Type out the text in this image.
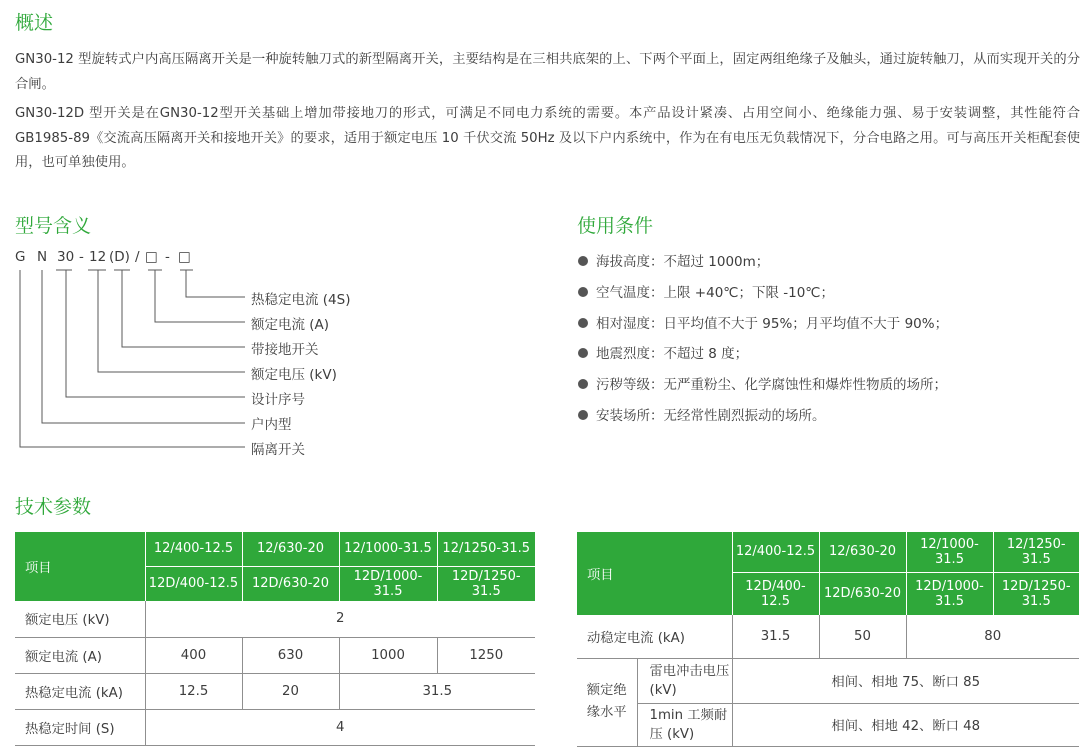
概述

GN30-12 型旋转式户内高压隔离开关是一种旋转触刀式的新型隔离开关，主要结构是在三相共底架的上、下两个平面上，固定两组绝缘子及触头，通过旋转触刀，从而实现开关的分合闸。

GN30-12D 型开关是在GN30-12型开关基础上增加带接地刀的形式，可满足不同电力系统的需要。本产品设计紧凑、占用空间小、绝缘能力强、易于安装调整，其性能符合 GB1985-89《交流高压隔离开关和接地开关》的要求，适用于额定电压 10 千伏交流 50Hz 及以下户内系统中，作为在有电压无负载情况下，分合电路之用。可与高压开关柜配套使用，也可单独使用。

型号含义
G N 30 - 12 (D) / □ - □
热稳定电流 (4S)
额定电流 (A)
带接地开关
额定电压 (kV)
设计序号
户内型
隔离开关
使用条件
海拔高度：不超过 1000m；
空气温度：上限 +40℃；下限 -10℃；
相对湿度：日平均值不大于 95%；月平均值不大于 90%；
地震烈度：不超过 8 度；
污秽等级：无严重粉尘、化学腐蚀性和爆炸性物质的场所；
安装场所：无经常性剧烈振动的场所。
技术参数
项目	12/400-12.5	12/630-20	12/1000-31.5	12/1250-31.5
	12D/400-12.5	12D/630-20	12D/1000-31.5	12D/1250-31.5
额定电压 (kV)	2			
额定电流 (A)	400	630	1000	1250
热稳定电流 (kA)	12.5	20	31.5	
热稳定时间 (S)	4			
项目		12/400-12.5	12/630-20	12/1000-31.5	12/1250-31.5
		12D/400-12.5	12D/630-20	12D/1000-31.5	12D/1250-31.5
动稳定电流 (kA)		31.5	50	80	
额定绝缘水平	雷电冲击电压 (kV)	相间、相地 75、断口 85			
	1min 工频耐压 (kV)	相间、相地 42、断口 48			
